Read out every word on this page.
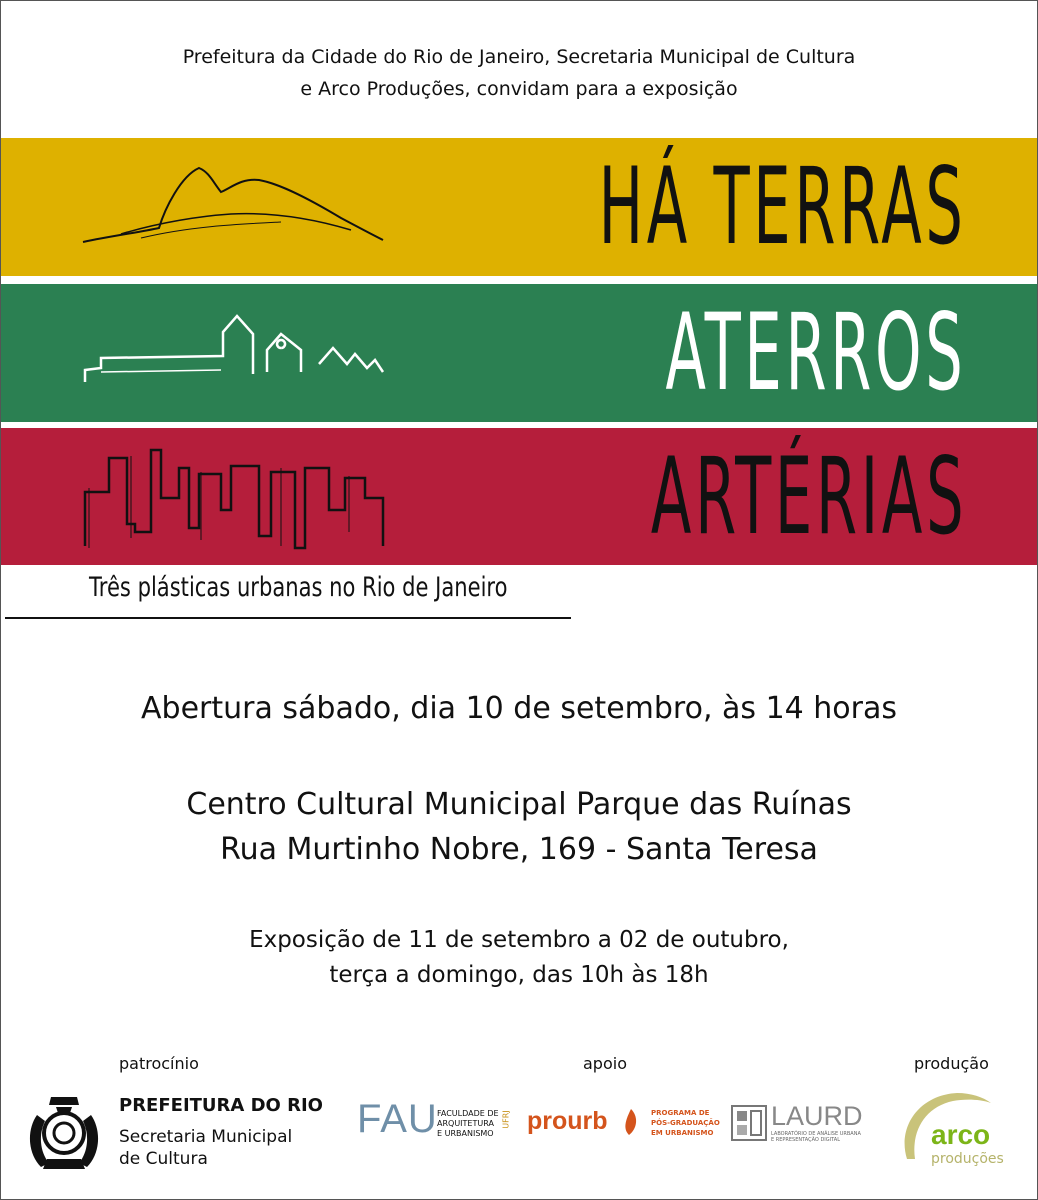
Prefeitura da Cidade do Rio de Janeiro, Secretaria Municipal de Cultura
e Arco Produções, convidam para a exposição
HÁ TERRAS
ATERROS
ARTÉRIAS
Três plásticas urbanas no Rio de Janeiro
Abertura sábado, dia 10 de setembro, às 14 horas
Centro Cultural Municipal Parque das Ruínas
Rua Murtinho Nobre, 169 - Santa Teresa
Exposição de 11 de setembro a 02 de outubro,
terça a domingo, das 10h às 18h
patrocínio	apoio	produção
PREFEITURA DO RIO
Secretaria Municipal
de Cultura
FAU FACULDADE DE
ARQUITETURA
E URBANISMO
UFRJ prourb	PROGRAMA DE
PÓS-GRADUAÇÃO
EM URBANISMO
LAURD
LABORATÓRIO DE ANÁLISE URBANA
E REPRESENTAÇÃO DIGITAL	arco
produções
